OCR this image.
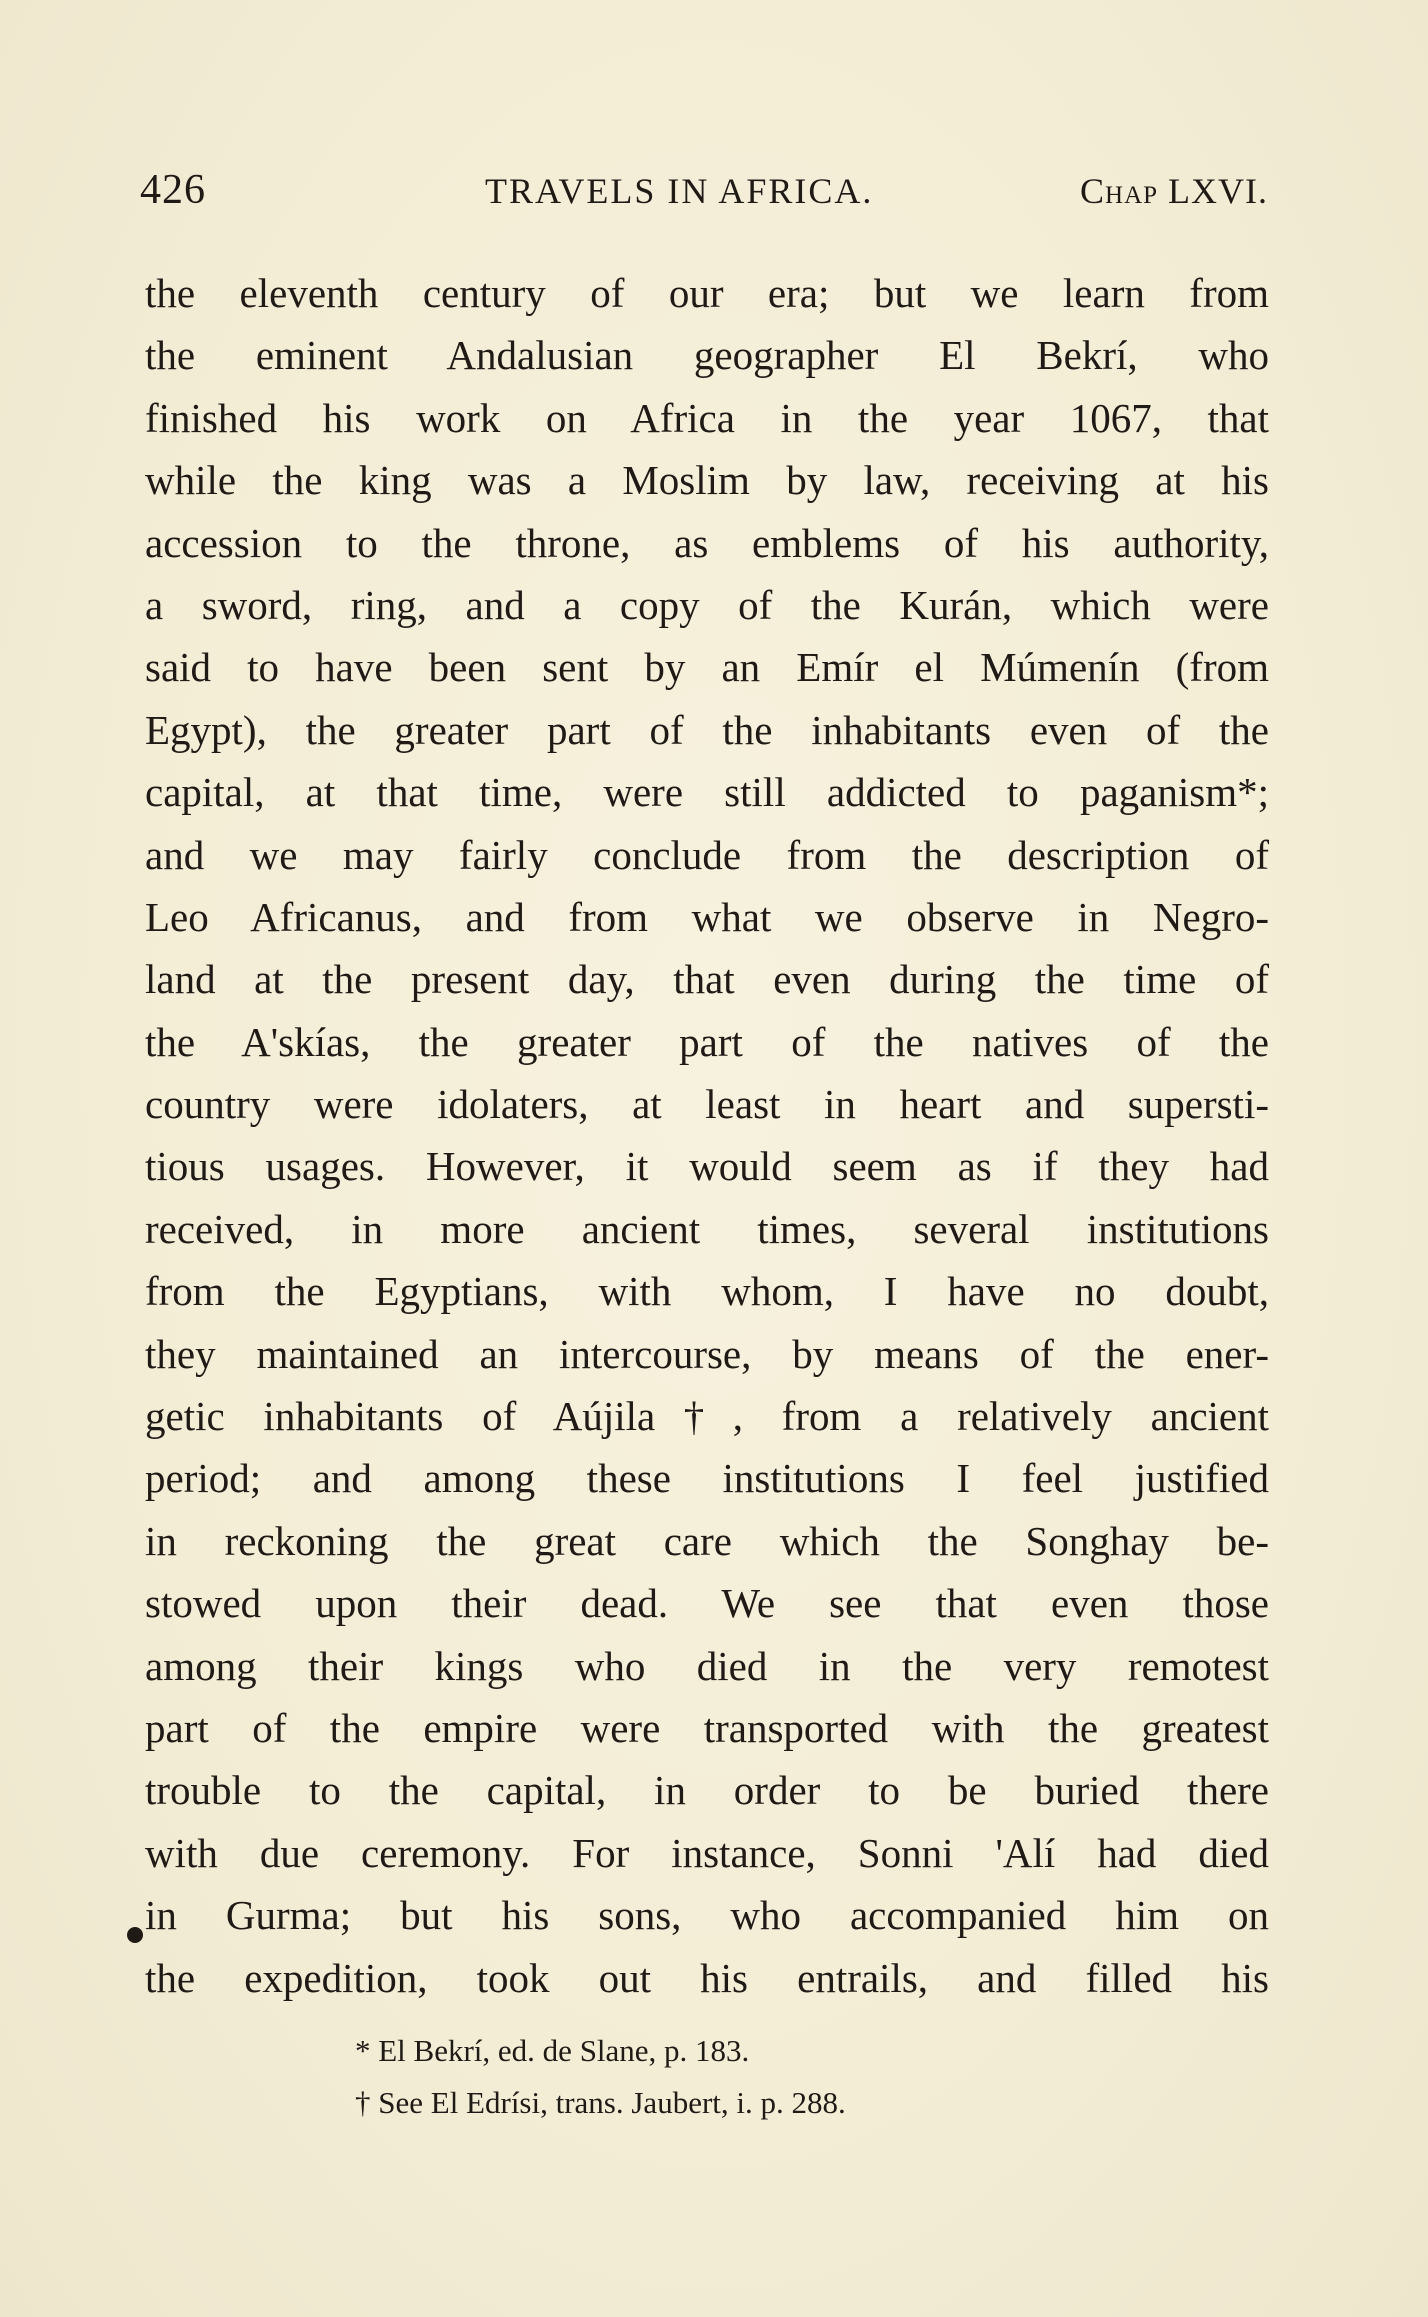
426	TRAVELS IN AFRICA.	Chap LXVI.
the eleventh century of our era; but we learn from
the eminent Andalusian geographer El Bekrí, who
finished his work on Africa in the year 1067, that
while the king was a Moslim by law, receiving at his
accession to the throne, as emblems of his authority,
a sword, ring, and a copy of the Kurán, which were
said to have been sent by an Emír el Múmenín (from
Egypt), the greater part of the inhabitants even of the
capital, at that time, were still addicted to paganism*;
and we may fairly conclude from the description of
Leo Africanus, and from what we observe in Negro-
land at the present day, that even during the time of
the A'skías, the greater part of the natives of the
country were idolaters, at least in heart and supersti-
tious usages. However, it would seem as if they had
received, in more ancient times, several institutions
from the Egyptians, with whom, I have no doubt,
they maintained an intercourse, by means of the ener-
getic inhabitants of Aújila†, from a relatively ancient
period; and among these institutions I feel justified
in reckoning the great care which the Songhay be-
stowed upon their dead. We see that even those
among their kings who died in the very remotest
part of the empire were transported with the greatest
trouble to the capital, in order to be buried there
with due ceremony. For instance, Sonni 'Alí had died
in Gurma; but his sons, who accompanied him on
the expedition, took out his entrails, and filled his
* El Bekrí, ed. de Slane, p. 183.
† See El Edrísi, trans. Jaubert, i. p. 288.
